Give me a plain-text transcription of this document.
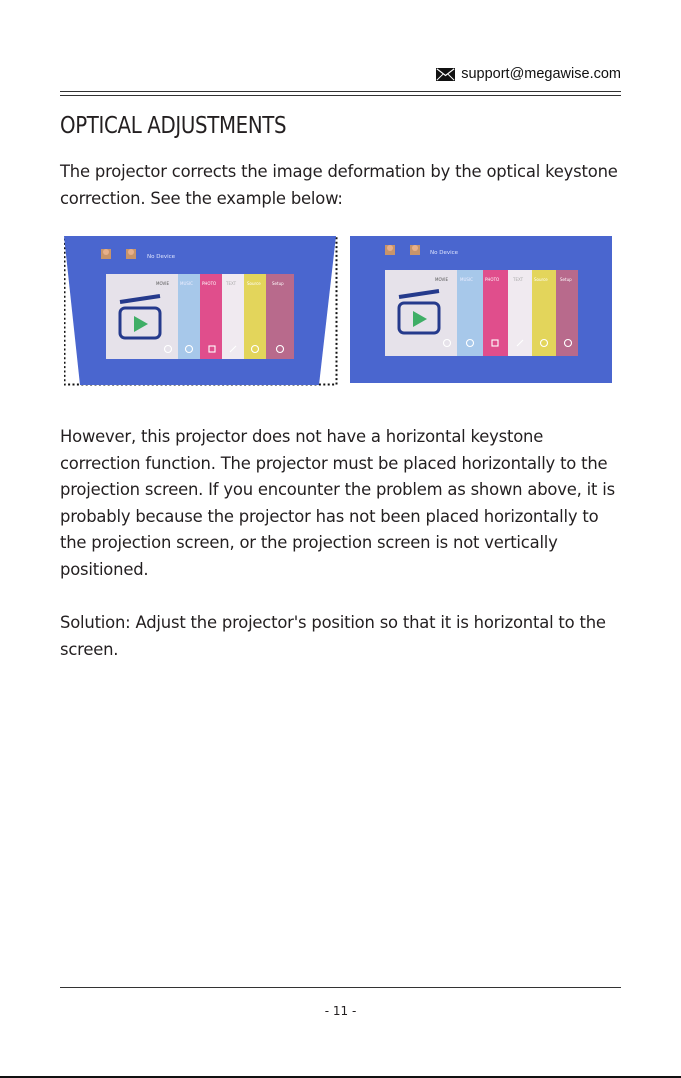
support@megawise.com
OPTICAL ADJUSTMENTS

The projector corrects the image deformation by the optical keystone correction. See the example below:

No Device
MOVIE	MUSIC PHOTO TEXT	Source	Setup
No Device
MOVIE	MUSIC	PHOTO	TEXT	Source	Setup

However, this projector does not have a horizontal keystone correction function. The projector must be placed horizontally to the projection screen. If you encounter the problem as shown above, it is probably because the projector has not been placed horizontally to the projection screen, or the projection screen is not vertically positioned.

Solution: Adjust the projector's position so that it is horizontal to the screen.

- 11 -
